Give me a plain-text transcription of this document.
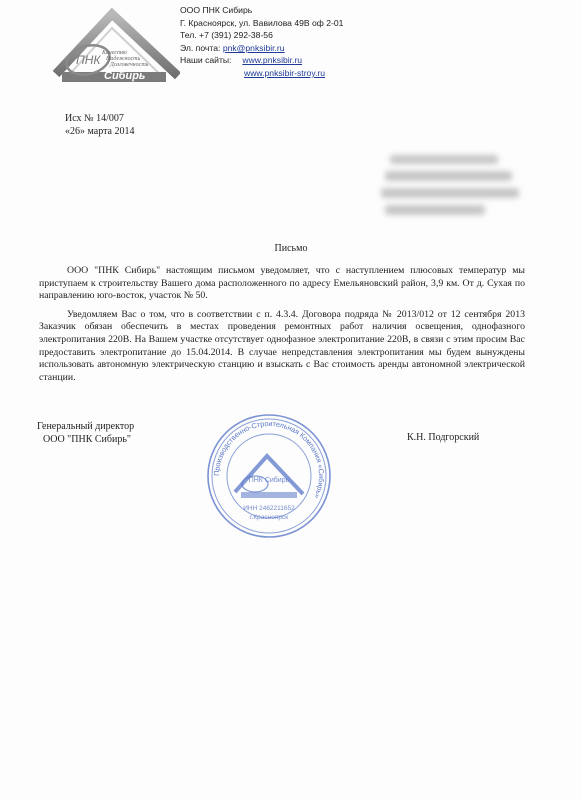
ПНК Качество
Надежность
Долговечность
Сибирь
ООО ПНК Сибирь
Г. Красноярск, ул. Вавилова 49В оф 2-01
Тел. +7 (391) 292-38-56
Эл. почта: pnk@pnksibir.ru
Наши сайты: www.pnksibir.ru
www.pnksibir-stroy.ru
Исх № 14/007
«26» марта 2014
Письмо

ООО "ПНК Сибирь" настоящим письмом уведомляет, что с наступлением плюсовых температур мы приступаем к строительству Вашего дома расположенного по адресу Емельяновский район, 3,9 км. От д. Сухая по направлению юго-восток, участок № 50.

Уведомляем Вас о том, что в соответствии с п. 4.3.4. Договора подряда № 2013/012 от 12 сентября 2013 Заказчик обязан обеспечить в местах проведения ремонтных работ наличия освещения, однофазного электропитания 220В. На Вашем участке отсутствует однофазное электропитание 220В, в связи с этим просим Вас предоставить электропитание до 15.04.2014. В случае непредставления электропитания мы будем вынуждены использовать автономную электрическую станцию и взыскать с Вас стоимость аренды автономной электрической станции.

Генеральный директор
ООО "ПНК Сибирь"	К.Н. Подгорский
Производственно-Строительная Компания «Сибирь»
ПНК Сибирь
ИНН 2462211652
г.Красноярск
